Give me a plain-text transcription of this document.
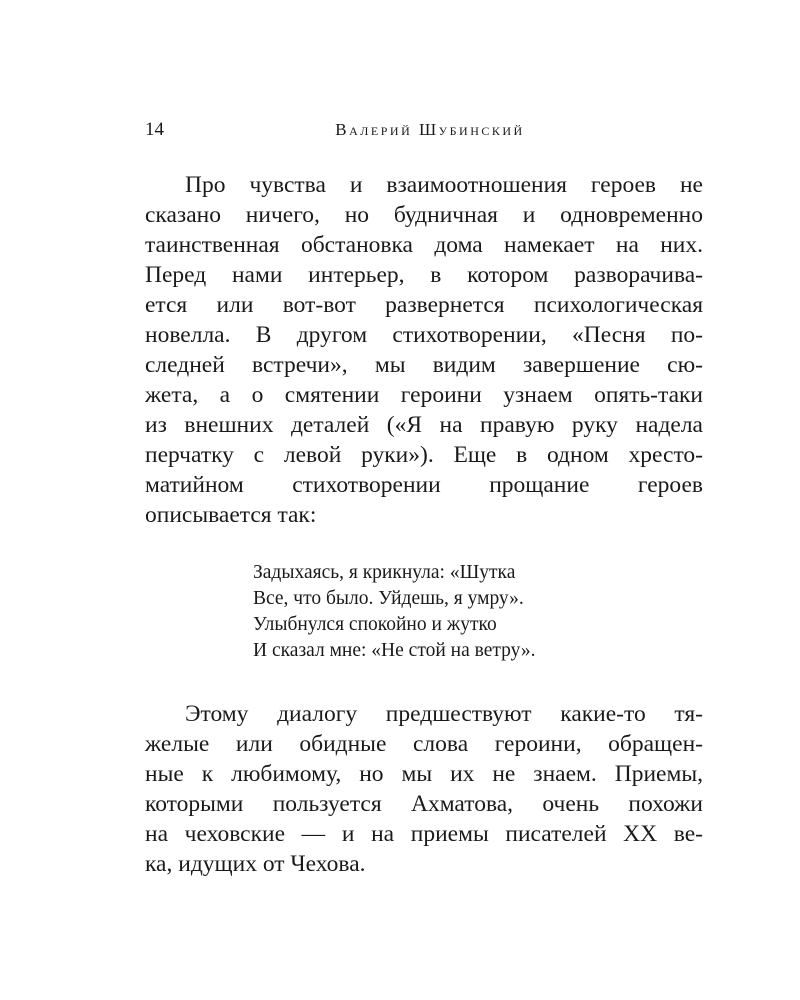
14	Валерий Шубинский
Про чувства и взаимоотношения героев не
сказано ничего, но будничная и одновременно
таинственная обстановка дома намекает на них.
Перед нами интерьер, в котором разворачива-
ется или вот-вот развернется психологическая
новелла. В другом стихотворении, «Песня по-
следней встречи», мы видим завершение сю-
жета, а о смятении героини узнаем опять-таки
из внешних деталей («Я на правую руку надела
перчатку с левой руки»). Еще в одном хресто-
матийном стихотворении прощание героев
описывается так:
Задыхаясь, я крикнула: «Шутка
Все, что было. Уйдешь, я умру».
Улыбнулся спокойно и жутко
И сказал мне: «Не стой на ветру».
Этому диалогу предшествуют какие-то тя-
желые или обидные слова героини, обращен-
ные к любимому, но мы их не знаем. Приемы,
которыми пользуется Ахматова, очень похожи
на чеховские — и на приемы писателей XX ве-
ка, идущих от Чехова.
